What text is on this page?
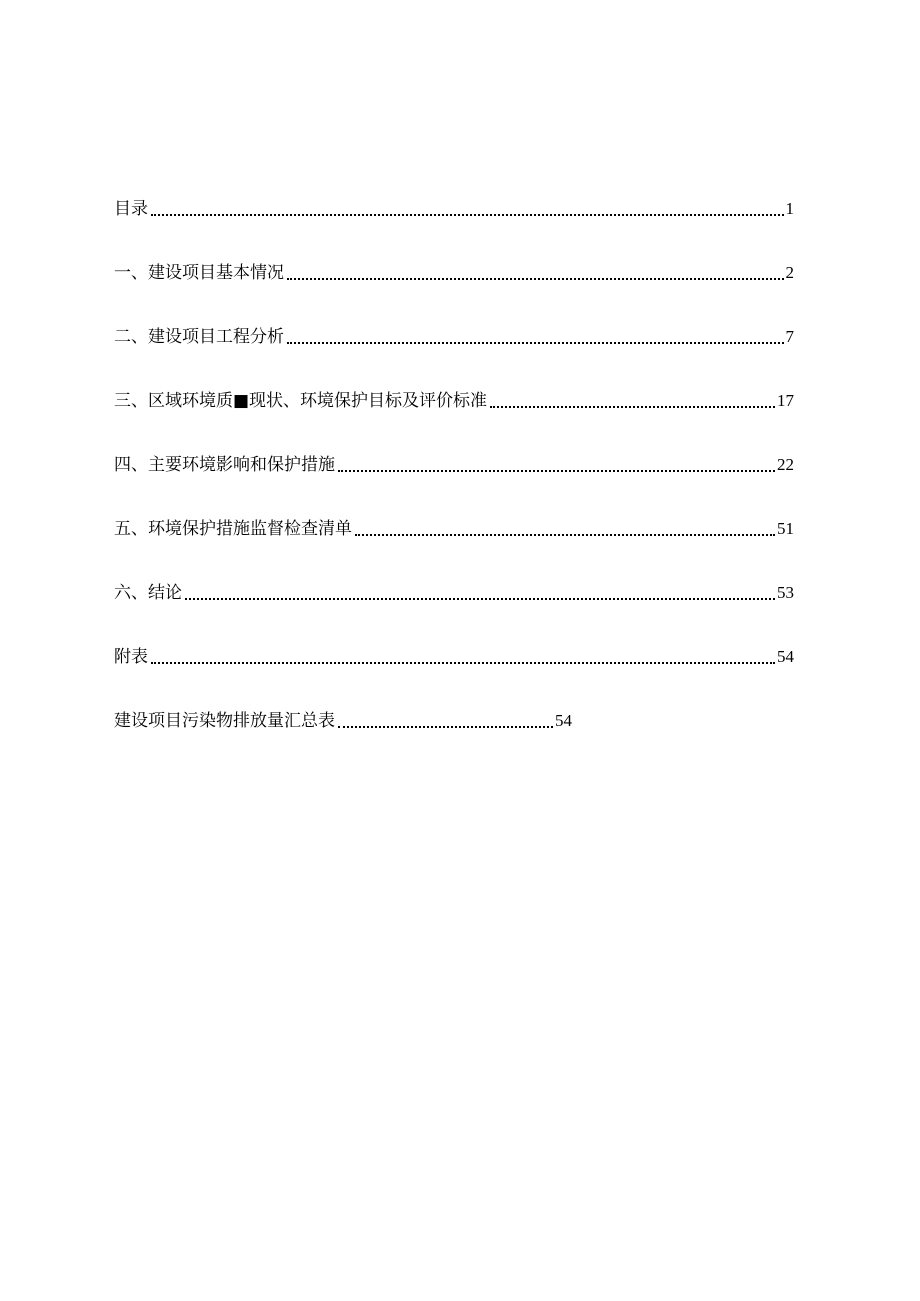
目录	1
一、建设项目基本情况	2
二、建设项目工程分析	7
三、区域环境质■现状、环境保护目标及评价标准	17
四、主要环境影响和保护措施	22
五、环境保护措施监督检查清单	51
六、结论	53
附表	54
建设项目污染物排放量汇总表	54
